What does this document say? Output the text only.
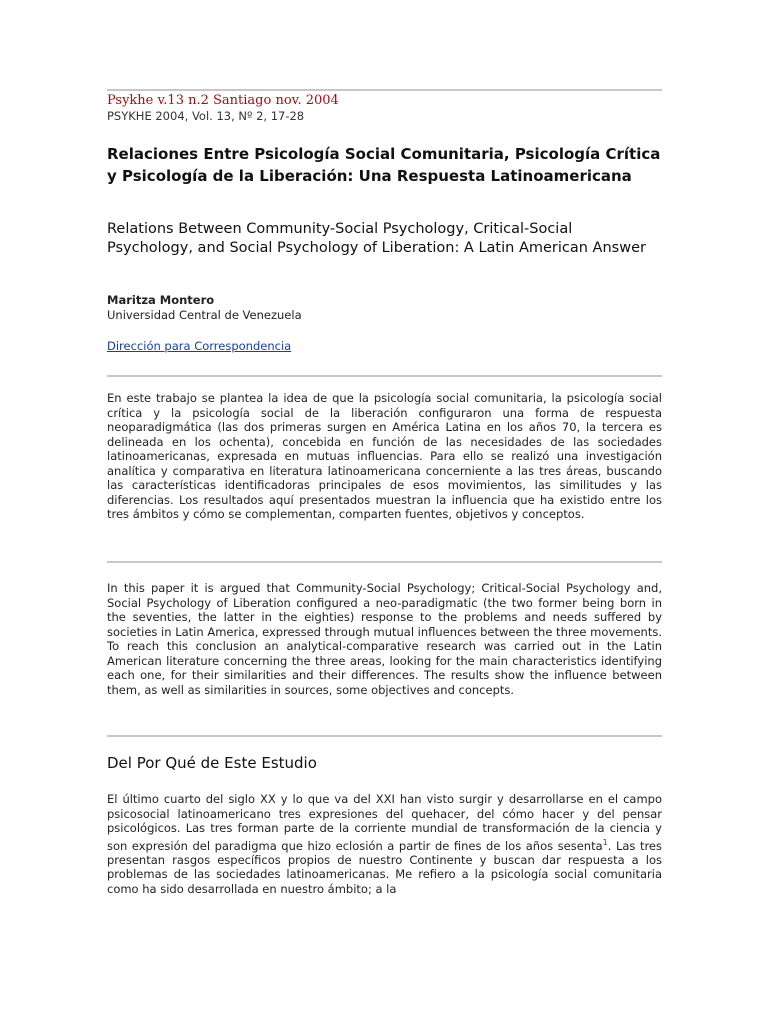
Psykhe v.13 n.2 Santiago nov. 2004
PSYKHE 2004, Vol. 13, Nº 2, 17-28
Relaciones Entre Psicología Social Comunitaria, Psicología Crítica y Psicología de la Liberación: Una Respuesta Latinoamericana
Relations Between Community-Social Psychology, Critical-Social Psychology, and Social Psychology of Liberation: A Latin American Answer
Maritza Montero
Universidad Central de Venezuela
Dirección para Correspondencia

En este trabajo se plantea la idea de que la psicología social comunitaria, la psicología social crítica y la psicología social de la liberación configuraron una forma de respuesta neoparadigmática (las dos primeras surgen en América Latina en los años 70, la tercera es delineada en los ochenta), concebida en función de las necesidades de las sociedades latinoamericanas, expresada en mutuas influencias. Para ello se realizó una investigación analítica y comparativa en literatura latinoamericana concerniente a las tres áreas, buscando las características identificadoras principales de esos movimientos, las similitudes y las diferencias. Los resultados aquí presentados muestran la influencia que ha existido entre los tres ámbitos y cómo se complementan, comparten fuentes, objetivos y conceptos.

In this paper it is argued that Community-Social Psychology; Critical-Social Psychology and, Social Psychology of Liberation configured a neo-paradigmatic (the two former being born in the seventies, the latter in the eighties) response to the problems and needs suffered by societies in Latin America, expressed through mutual influences between the three movements. To reach this conclusion an analytical-comparative research was carried out in the Latin American literature concerning the three areas, looking for the main characteristics identifying each one, for their similarities and their differences. The results show the influence between them, as well as similarities in sources, some objectives and concepts.

Del Por Qué de Este Estudio

El último cuarto del siglo XX y lo que va del XXI han visto surgir y desarrollarse en el campo psicosocial latinoamericano tres expresiones del quehacer, del cómo hacer y del pensar psicológicos. Las tres forman parte de la corriente mundial de transformación de la ciencia y son expresión del paradigma que hizo eclosión a partir de fines de los años sesenta$^1$. Las tres presentan rasgos específicos propios de nuestro Continente y buscan dar respuesta a los problemas de las sociedades latinoamericanas. Me refiero a la psicología social comunitaria como ha sido desarrollada en nuestro ámbito; a la
